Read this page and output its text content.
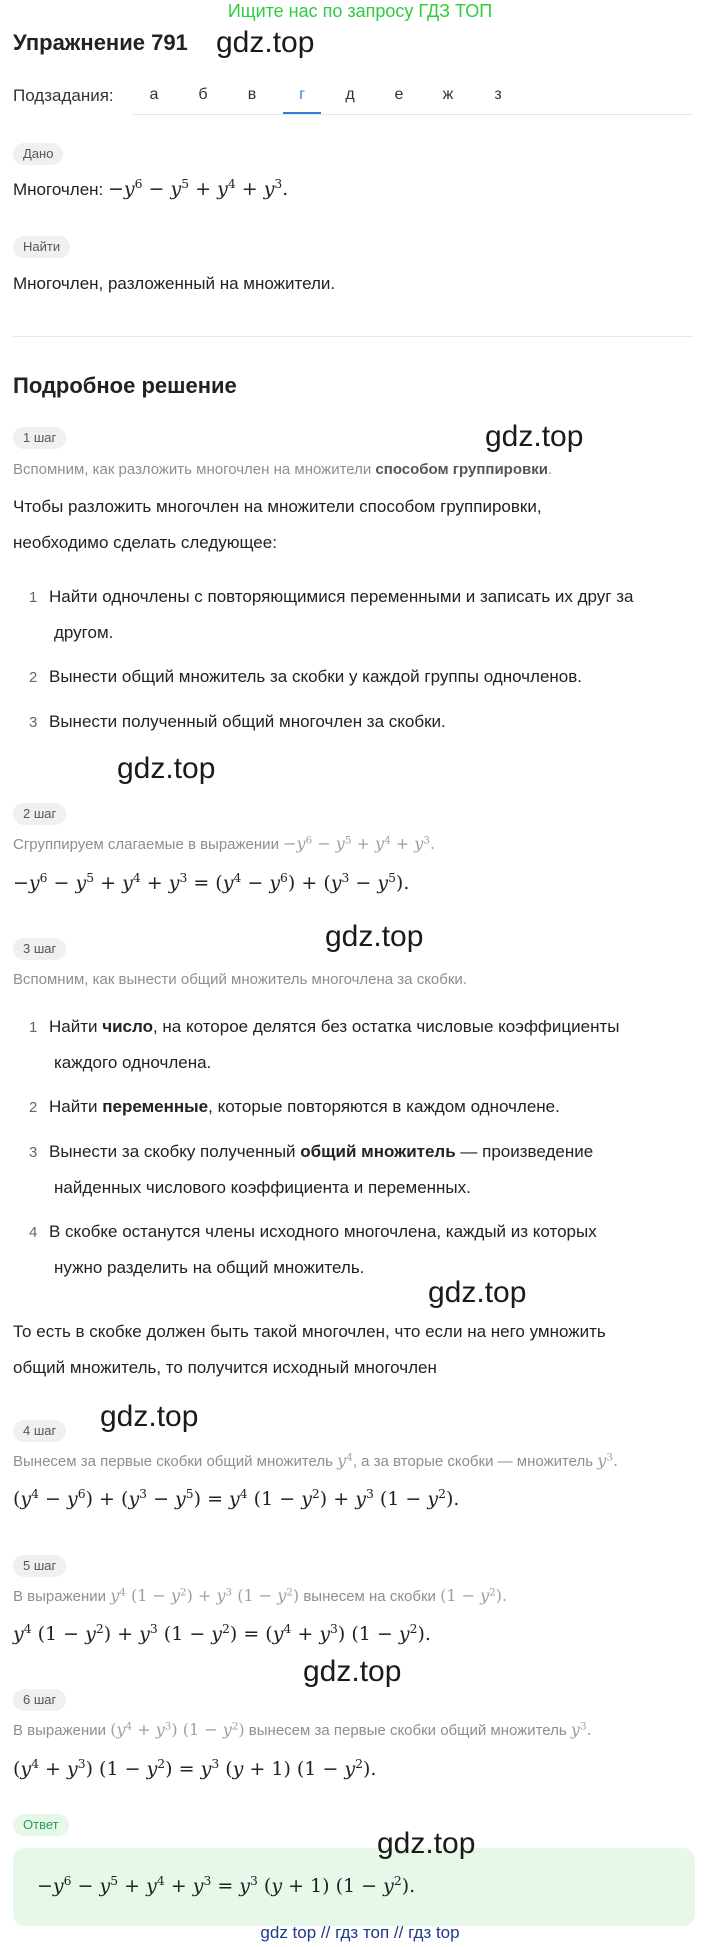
Ищите нас по запросу ГДЗ ТОП
Упражнение 791 gdz.top
Подзадания:	а	б	в	г	д	е	ж	з
Дано
Многочлен: $-y^6 - y^5 + y^4 + y^3$.
Найти
Многочлен, разложенный на множители.
Подробное решение
1 шаг	gdz.top
Вспомним, как разложить многочлен на множители способом группировки.
Чтобы разложить многочлен на множители способом группировки,
необходимо сделать следующее:
1 Найти одночлены с повторяющимися переменными и записать их друг за
другом.
2 Вынести общий множитель за скобки у каждой группы одночленов.
3 Вынести полученный общий многочлен за скобки.
gdz.top
2 шаг
Сгруппируем слагаемые в выражении $-y^6 - y^5 + y^4 + y^3$.
$-y^6 - y^5 + y^4 + y^3 = (y^4 - y^6) + (y^3 - y^5)$.
3 шаг	gdz.top
Вспомним, как вынести общий множитель многочлена за скобки.
1 Найти число, на которое делятся без остатка числовые коэффициенты
каждого одночлена.
2 Найти переменные, которые повторяются в каждом одночлене.
3 Вынести за скобку полученный общий множитель — произведение
найденных числового коэффициента и переменных.
4 В скобке останутся члены исходного многочлена, каждый из которых
нужно разделить на общий множитель.
gdz.top
То есть в скобке должен быть такой многочлен, что если на него умножить
общий множитель, то получится исходный многочлен
4 шаг	gdz.top
Вынесем за первые скобки общий множитель $y^4$, а за вторые скобки — множитель $y^3$.
$(y^4 - y^6) + (y^3 - y^5) = y^4$ $(1 - y^2) + y^3$ $(1 - y^2)$.
5 шаг
В выражении $y^4$ $(1 - y^2) + y^3$ $(1 - y^2)$ вынесем на скобки $(1 - y^2)$.
$y^4$ $(1 - y^2) + y^3$ $(1 - y^2) = (y^4 + y^3)$ $(1 - y^2)$.
gdz.top
6 шаг
В выражении $(y^4 + y^3) (1 - y^2)$ вынесем за первые скобки общий множитель $y^3$.
$(y^4 + y^3) (1 - y^2) = y^3$ (y + 1) $(1 - y^2)$.
Ответ
gdz.top
$-y^6 - y^5 + y^4 + y^3 = y^3$ (y + 1) $(1 - y^2)$.
gdz top // гдз топ // гдз top
